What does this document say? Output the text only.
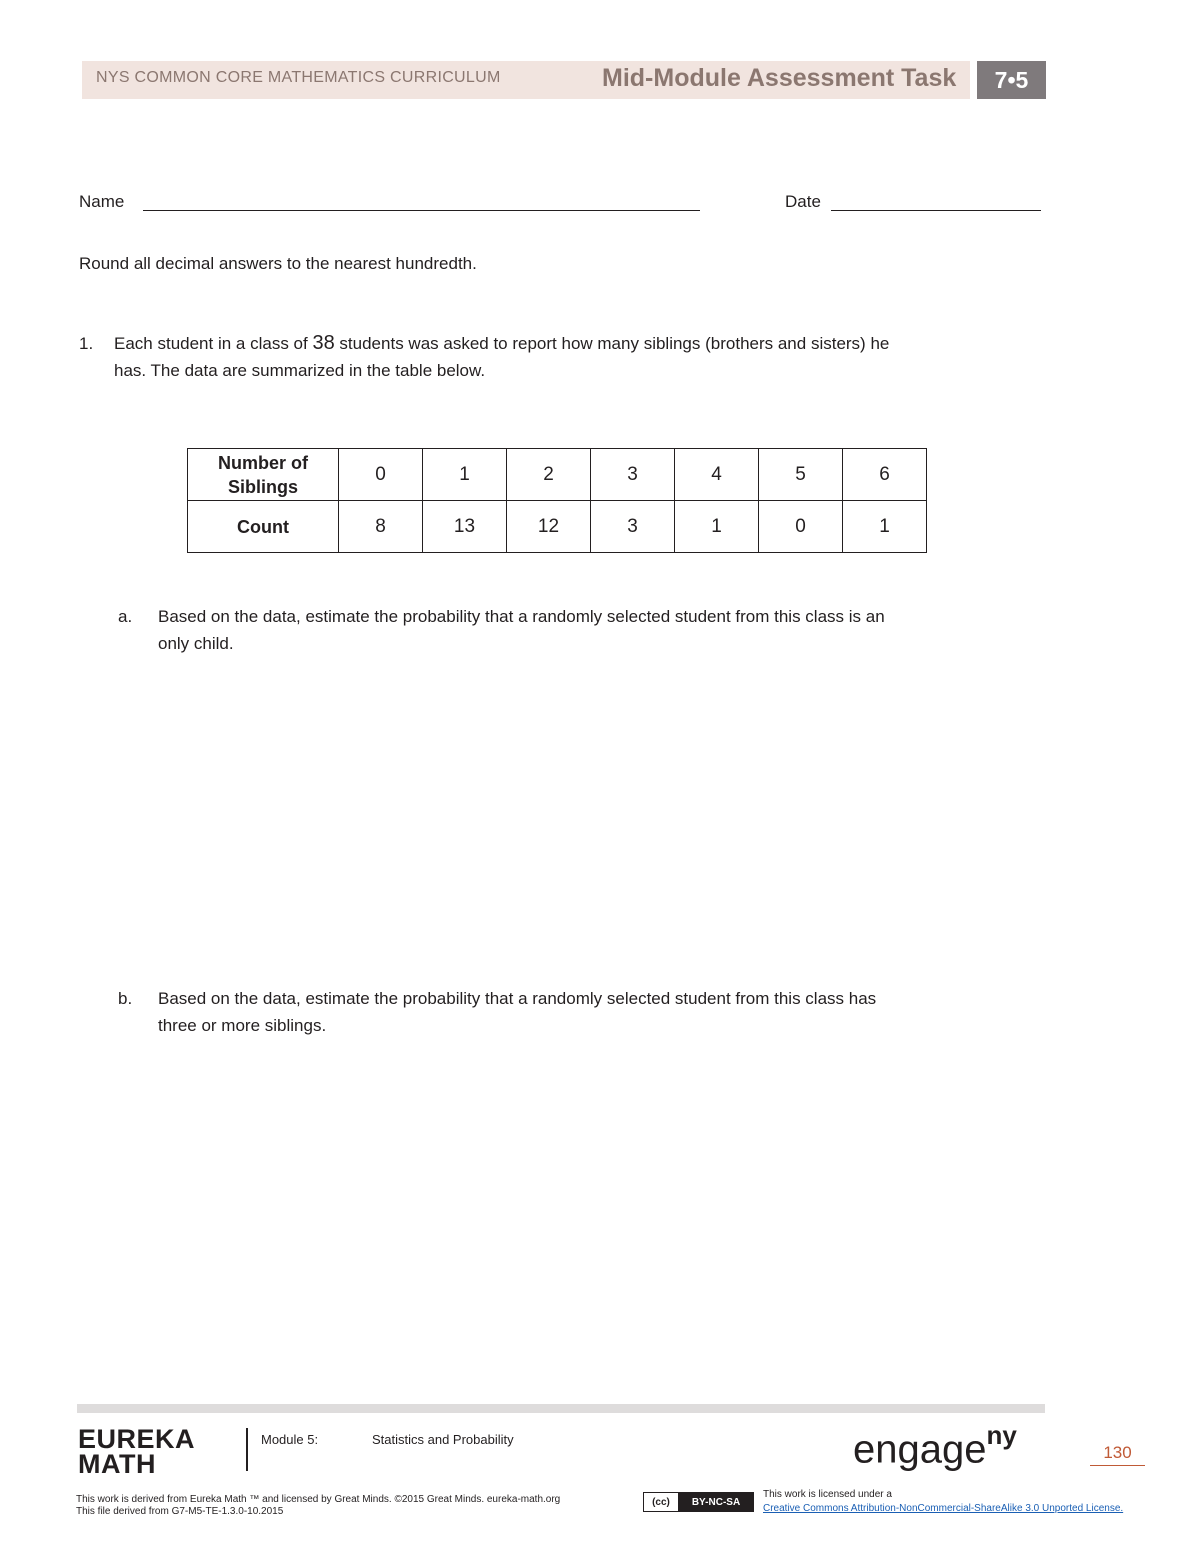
NYS COMMON CORE MATHEMATICS CURRICULUM	Mid-Module Assessment Task	7•5
Name	Date
Round all decimal answers to the nearest hundredth.
1. Each student in a class of 38 students was asked to report how many siblings (brothers and sisters) he
has. The data are summarized in the table below.
Number of
Siblings	0	1	2	3	4	5	6
Count	8	13	12	3	1	0	1
a. Based on the data, estimate the probability that a randomly selected student from this class is an
only child.
b. Based on the data, estimate the probability that a randomly selected student from this class has
three or more siblings.
EUREKA
MATH
Module 5:	Statistics and Probability	engage$^{ny}$
130
This work is derived from Eureka Math ™ and licensed by Great Minds. ©2015 Great Minds. eureka-math.org This file derived from G7-M5-TE-1.3.0-10.2015
(cc)	BY-NC-SA
This work is licensed under a
Creative Commons Attribution-NonCommercial-ShareAlike 3.0 Unported License.
